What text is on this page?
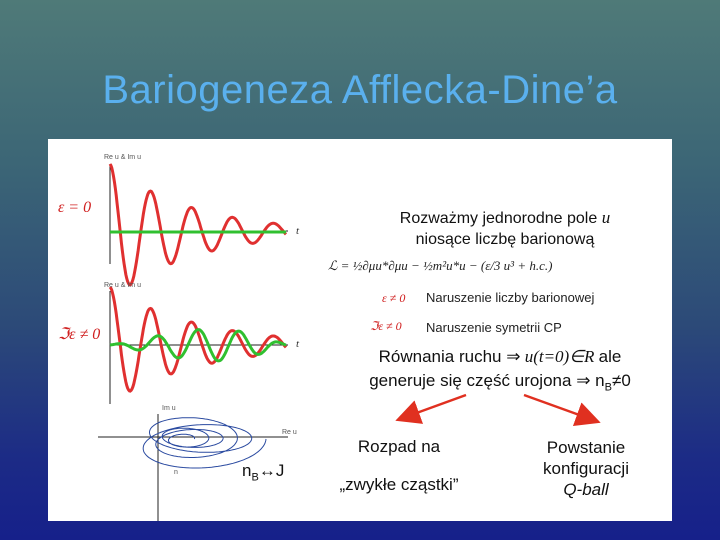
Bariogeneza Afflecka-Dine’a
Re u & Im u
t
ε = 0
Re u & Im u
t
ℑε ≠ 0
Im u
Re u
n	$n_B\leftrightarrow J$
Rozważmy jednorodne pole u
niosące liczbę barionową
ℒ = ½∂μu*∂μu − ½m²u*u − (ε/3 u³ + h.c.)
ε ≠ 0 Naruszenie liczby barionowej
ℑε ≠ 0 Naruszenie symetrii CP
Równania ruchu ⇒ u(t=0)∈R ale
generuje się część urojona ⇒ $n_B\ne 0$
Rozpad na
„zwykłe cząstki”
Powstanie
konfiguracji
Q-ball
